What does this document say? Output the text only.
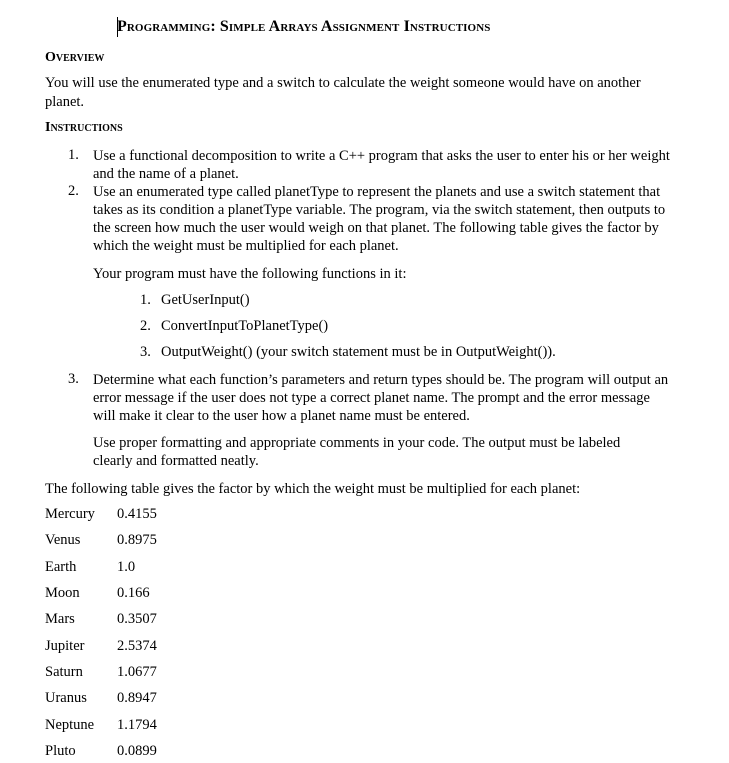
Programming: Simple Arrays Assignment Instructions
Overview
You will use the enumerated type and a switch to calculate the weight someone would have on another planet.
Instructions
1. Use a functional decomposition to write a C++ program that asks the user to enter his or her weight and the name of a planet.
2. Use an enumerated type called planetType to represent the planets and use a switch statement that takes as its condition a planetType variable. The program, via the switch statement, then outputs to the screen how much the user would weigh on that planet. The following table gives the factor by which the weight must be multiplied for each planet.
Your program must have the following functions in it:
1. GetUserInput()
2. ConvertInputToPlanetType()
3. OutputWeight() (your switch statement must be in OutputWeight()).
3. Determine what each function’s parameters and return types should be. The program will output an error message if the user does not type a correct planet name. The prompt and the error message will make it clear to the user how a planet name must be entered.
Use proper formatting and appropriate comments in your code. The output must be labeled clearly and formatted neatly.
The following table gives the factor by which the weight must be multiplied for each planet:
Mercury 0.4155
Venus	0.8975
Earth	1.0
Moon	0.166
Mars	0.3507
Jupiter 2.5374
Saturn 1.0677
Uranus 0.8947
Neptune 1.1794
Pluto	0.0899
